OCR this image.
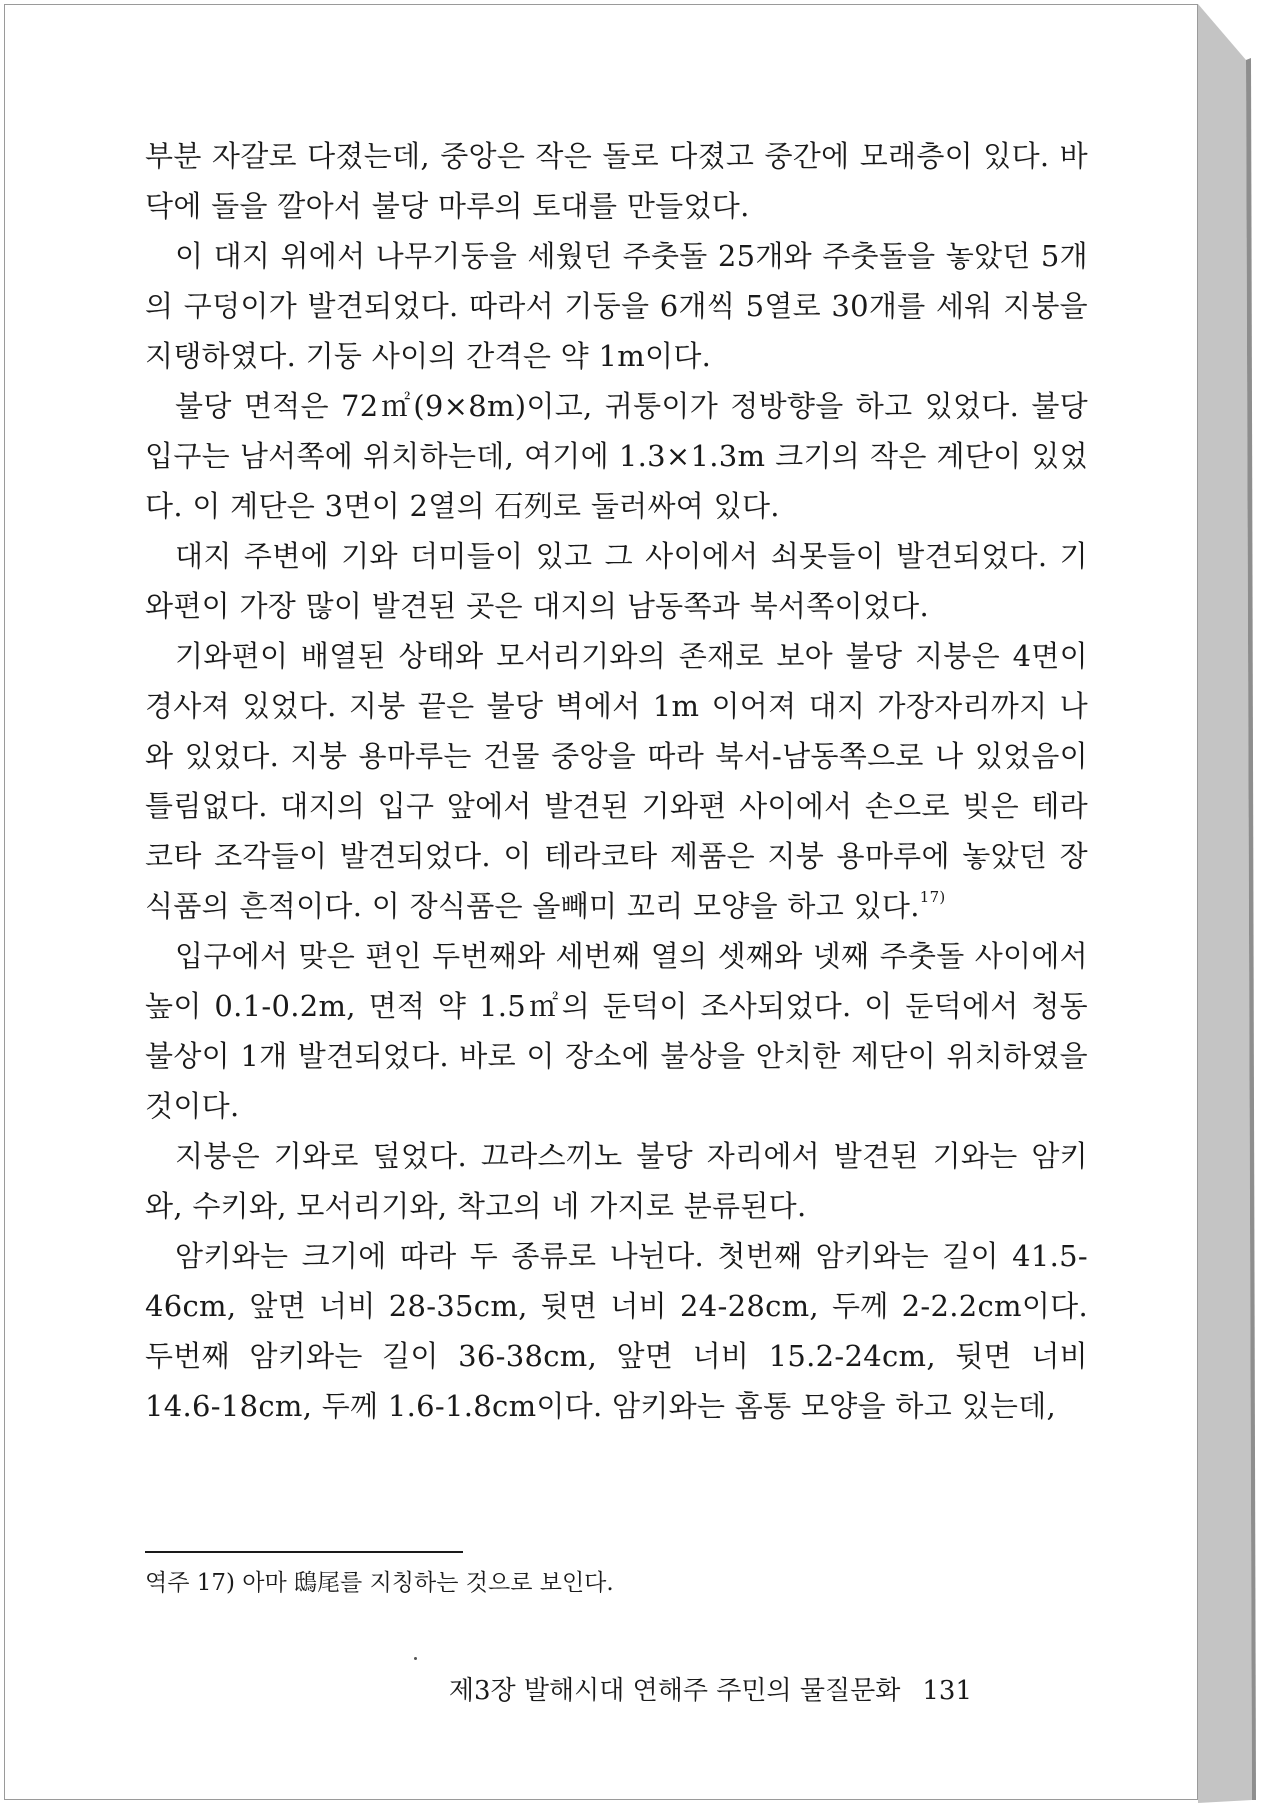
부분 자갈로 다졌는데, 중앙은 작은 돌로 다졌고 중간에 모래층이 있다. 바닥에 돌을 깔아서 불당 마루의 토대를 만들었다.

이 대지 위에서 나무기둥을 세웠던 주춧돌 25개와 주춧돌을 놓았던 5개의 구덩이가 발견되었다. 따라서 기둥을 6개씩 5열로 30개를 세워 지붕을 지탱하였다. 기둥 사이의 간격은 약 1m이다.

불당 면적은 72㎡(9×8m)이고, 귀퉁이가 정방향을 하고 있었다. 불당 입구는 남서쪽에 위치하는데, 여기에 1.3×1.3m 크기의 작은 계단이 있었다. 이 계단은 3면이 2열의 石列로 둘러싸여 있다.

대지 주변에 기와 더미들이 있고 그 사이에서 쇠못들이 발견되었다. 기와편이 가장 많이 발견된 곳은 대지의 남동쪽과 북서쪽이었다.

기와편이 배열된 상태와 모서리기와의 존재로 보아 불당 지붕은 4면이 경사져 있었다. 지붕 끝은 불당 벽에서 1m 이어져 대지 가장자리까지 나와 있었다. 지붕 용마루는 건물 중앙을 따라 북서-남동쪽으로 나 있었음이 틀림없다. 대지의 입구 앞에서 발견된 기와편 사이에서 손으로 빚은 테라코타 조각들이 발견되었다. 이 테라코타 제품은 지붕 용마루에 놓았던 장식품의 흔적이다. 이 장식품은 올빼미 꼬리 모양을 하고 있다.$^{17)}$

입구에서 맞은 편인 두번째와 세번째 열의 셋째와 넷째 주춧돌 사이에서 높이 0.1-0.2m, 면적 약 1.5㎡의 둔덕이 조사되었다. 이 둔덕에서 청동 불상이 1개 발견되었다. 바로 이 장소에 불상을 안치한 제단이 위치하였을 것이다.

지붕은 기와로 덮었다. 끄라스끼노 불당 자리에서 발견된 기와는 암키와, 수키와, 모서리기와, 착고의 네 가지로 분류된다.

암키와는 크기에 따라 두 종류로 나뉜다. 첫번째 암키와는 길이 41.5-46cm, 앞면 너비 28-35cm, 뒷면 너비 24-28cm, 두께 2-2.2cm이다. 두번째 암키와는 길이 36-38cm, 앞면 너비 15.2-24cm, 뒷면 너비 14.6-18cm, 두께 1.6-1.8cm이다. 암키와는 홈통 모양을 하고 있는데,

역주 17) 아마 鴟尾를 지칭하는 것으로 보인다.
제3장 발해시대 연해주 주민의 물질문화 131
